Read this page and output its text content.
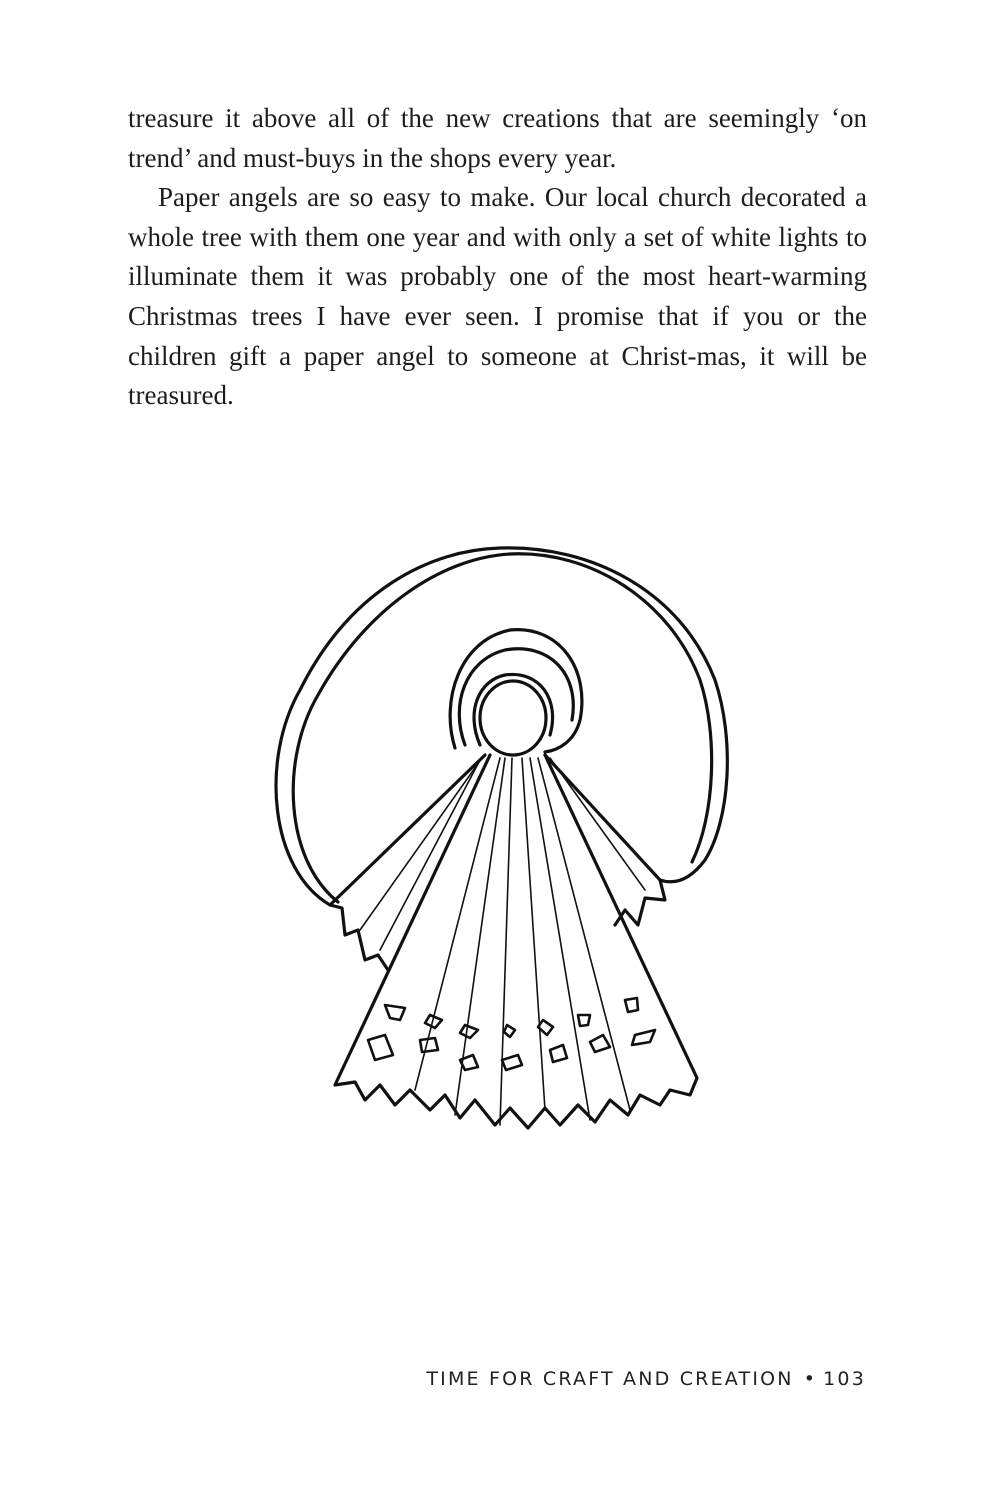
treasure it above all of the new creations that are seemingly ‘on trend’ and must-buys in the shops every year.

Paper angels are so easy to make. Our local church decorated a whole tree with them one year and with only a set of white lights to illuminate them it was probably one of the most heart-warming Christmas trees I have ever seen. I promise that if you or the children gift a paper angel to someone at Christ-mas, it will be treasured.

TIME FOR CRAFT AND CREATION • 103
